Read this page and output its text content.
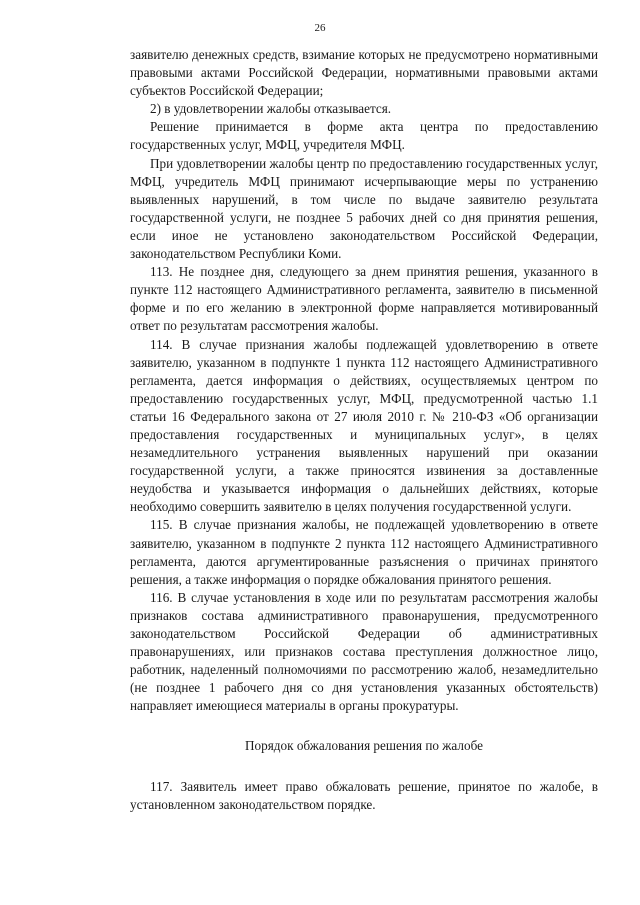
26

заявителю денежных средств, взимание которых не предусмотрено нормативными правовыми актами Российской Федерации, нормативными правовыми актами субъектов Российской Федерации;

2) в удовлетворении жалобы отказывается.

Решение принимается в форме акта центра по предоставлению государственных услуг, МФЦ, учредителя МФЦ.

При удовлетворении жалобы центр по предоставлению государственных услуг, МФЦ, учредитель МФЦ принимают исчерпывающие меры по устранению выявленных нарушений, в том числе по выдаче заявителю результата государственной услуги, не позднее 5 рабочих дней со дня принятия решения, если иное не установлено законодательством Российской Федерации, законодательством Республики Коми.

113. Не позднее дня, следующего за днем принятия решения, указанного в пункте 112 настоящего Административного регламента, заявителю в письменной форме и по его желанию в электронной форме направляется мотивированный ответ по результатам рассмотрения жалобы.

114. В случае признания жалобы подлежащей удовлетворению в ответе заявителю, указанном в подпункте 1 пункта 112 настоящего Административного регламента, дается информация о действиях, осуществляемых центром по предоставлению государственных услуг, МФЦ, предусмотренной частью 1.1 статьи 16 Федерального закона от 27 июля 2010 г. № 210-ФЗ «Об организации предоставления государственных и муниципальных услуг», в целях незамедлительного устранения выявленных нарушений при оказании государственной услуги, а также приносятся извинения за доставленные неудобства и указывается информация о дальнейших действиях, которые необходимо совершить заявителю в целях получения государственной услуги.

115. В случае признания жалобы, не подлежащей удовлетворению в ответе заявителю, указанном в подпункте 2 пункта 112 настоящего Административного регламента, даются аргументированные разъяснения о причинах принятого решения, а также информация о порядке обжалования принятого решения.

116. В случае установления в ходе или по результатам рассмотрения жалобы признаков состава административного правонарушения, предусмотренного законодательством Российской Федерации об административных правонарушениях, или признаков состава преступления должностное лицо, работник, наделенный полномочиями по рассмотрению жалоб, незамедлительно (не позднее 1 рабочего дня со дня установления указанных обстоятельств) направляет имеющиеся материалы в органы прокуратуры.

Порядок обжалования решения по жалобе

117. Заявитель имеет право обжаловать решение, принятое по жалобе, в установленном законодательством порядке.
